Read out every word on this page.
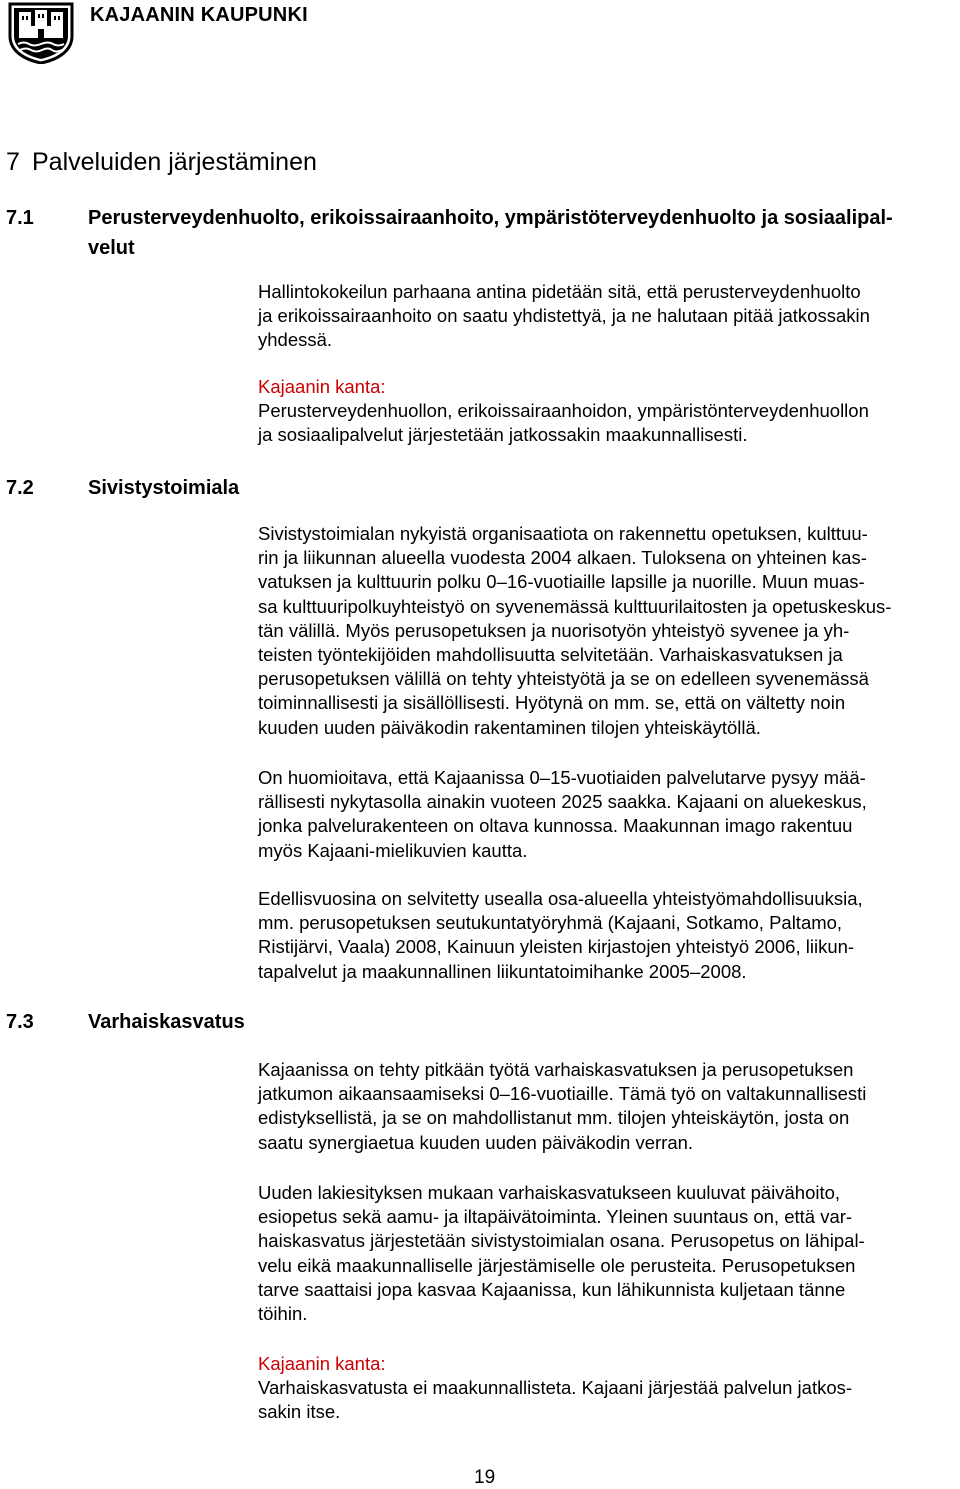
KAJAANIN KAUPUNKI
7 Palveluiden järjestäminen
7.1	Perusterveydenhuolto, erikoissairaanhoito, ympäristöterveydenhuolto ja sosiaalipal-
velut
Hallintokokeilun parhaana antina pidetään sitä, että perusterveydenhuolto
ja erikoissairaanhoito on saatu yhdistettyä, ja ne halutaan pitää jatkossakin
yhdessä.
Kajaanin kanta:
Perusterveydenhuollon, erikoissairaanhoidon, ympäristönterveydenhuollon
ja sosiaalipalvelut järjestetään jatkossakin maakunnallisesti.
7.2	Sivistystoimiala
Sivistystoimialan nykyistä organisaatiota on rakennettu opetuksen, kulttuu-
rin ja liikunnan alueella vuodesta 2004 alkaen. Tuloksena on yhteinen kas-
vatuksen ja kulttuurin polku 0–16-vuotiaille lapsille ja nuorille. Muun muas-
sa kulttuuripolkuyhteistyö on syvenemässä kulttuurilaitosten ja opetuskeskus-
tän välillä. Myös perusopetuksen ja nuorisotyön yhteistyö syvenee ja yh-
teisten työntekijöiden mahdollisuutta selvitetään. Varhaiskasvatuksen ja
perusopetuksen välillä on tehty yhteistyötä ja se on edelleen syvenemässä
toiminnallisesti ja sisällöllisesti. Hyötynä on mm. se, että on vältetty noin
kuuden uuden päiväkodin rakentaminen tilojen yhteiskäytöllä.
On huomioitava, että Kajaanissa 0–15-vuotiaiden palvelutarve pysyy mää-
rällisesti nykytasolla ainakin vuoteen 2025 saakka. Kajaani on aluekeskus,
jonka palvelurakenteen on oltava kunnossa. Maakunnan imago rakentuu
myös Kajaani-mielikuvien kautta.
Edellisvuosina on selvitetty usealla osa-alueella yhteistyömahdollisuuksia,
mm. perusopetuksen seutukuntatyöryhmä (Kajaani, Sotkamo, Paltamo,
Ristijärvi, Vaala) 2008, Kainuun yleisten kirjastojen yhteistyö 2006, liikun-
tapalvelut ja maakunnallinen liikuntatoimihanke 2005–2008.
7.3	Varhaiskasvatus
Kajaanissa on tehty pitkään työtä varhaiskasvatuksen ja perusopetuksen
jatkumon aikaansaamiseksi 0–16-vuotiaille. Tämä työ on valtakunnallisesti
edistyksellistä, ja se on mahdollistanut mm. tilojen yhteiskäytön, josta on
saatu synergiaetua kuuden uuden päiväkodin verran.
Uuden lakiesityksen mukaan varhaiskasvatukseen kuuluvat päivähoito,
esiopetus sekä aamu- ja iltapäivätoiminta. Yleinen suuntaus on, että var-
haiskasvatus järjestetään sivistystoimialan osana. Perusopetus on lähipal-
velu eikä maakunnalliselle järjestämiselle ole perusteita. Perusopetuksen
tarve saattaisi jopa kasvaa Kajaanissa, kun lähikunnista kuljetaan tänne
töihin.
Kajaanin kanta:
Varhaiskasvatusta ei maakunnallisteta. Kajaani järjestää palvelun jatkos-
sakin itse.
19
